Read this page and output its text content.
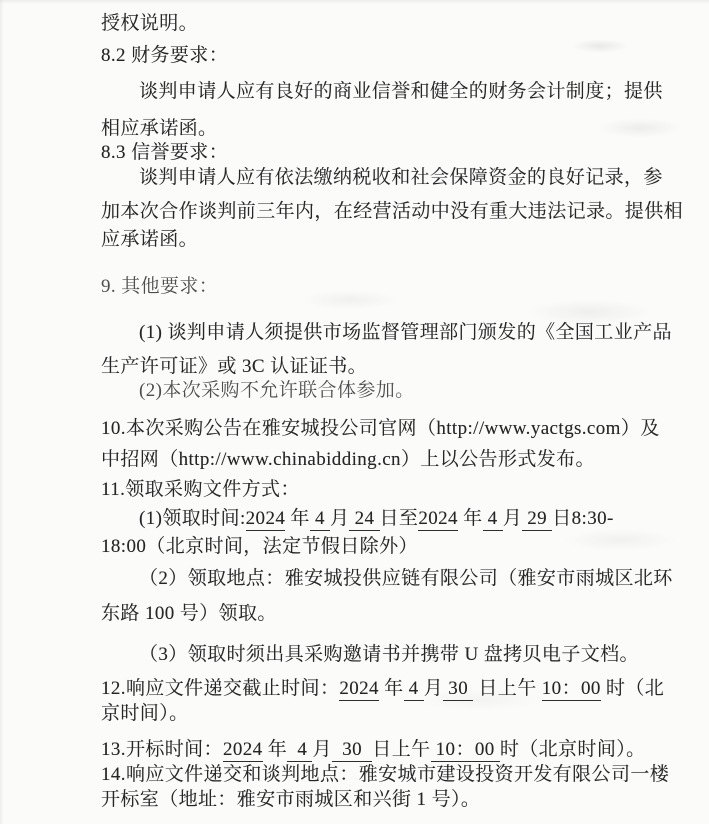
授权说明。
8.2 财务要求：
谈判申请人应有良好的商业信誉和健全的财务会计制度；提供
相应承诺函。
8.3 信誉要求：
谈判申请人应有依法缴纳税收和社会保障资金的良好记录，参
加本次合作谈判前三年内，在经营活动中没有重大违法记录。提供相
应承诺函。
9. 其他要求：
(1) 谈判申请人须提供市场监督管理部门颁发的《全国工业产品
生产许可证》或 3C 认证证书。
(2)本次采购不允许联合体参加。
10.本次采购公告在雅安城投公司官网（http://www.yactgs.com）及
中招网（http://www.chinabidding.cn）上以公告形式发布。
11.领取采购文件方式：
(1)领取时间:2024 年 4 月 24 日至2024 年 4 月 29 日8:30-
18:00（北京时间，法定节假日除外）
（2）领取地点：雅安城投供应链有限公司（雅安市雨城区北环
东路 100 号）领取。
（3）领取时须出具采购邀请书并携带 U 盘拷贝电子文档。
12.响应文件递交截止时间：2024 年 4 月 30  日上午 10：00 时（北
京时间）。
13.开标时间：2024 年  4 月  30  日上午 10：00 时（北京时间）。
14.响应文件递交和谈判地点：雅安城市建设投资开发有限公司一楼
开标室（地址：雅安市雨城区和兴街 1 号）。
